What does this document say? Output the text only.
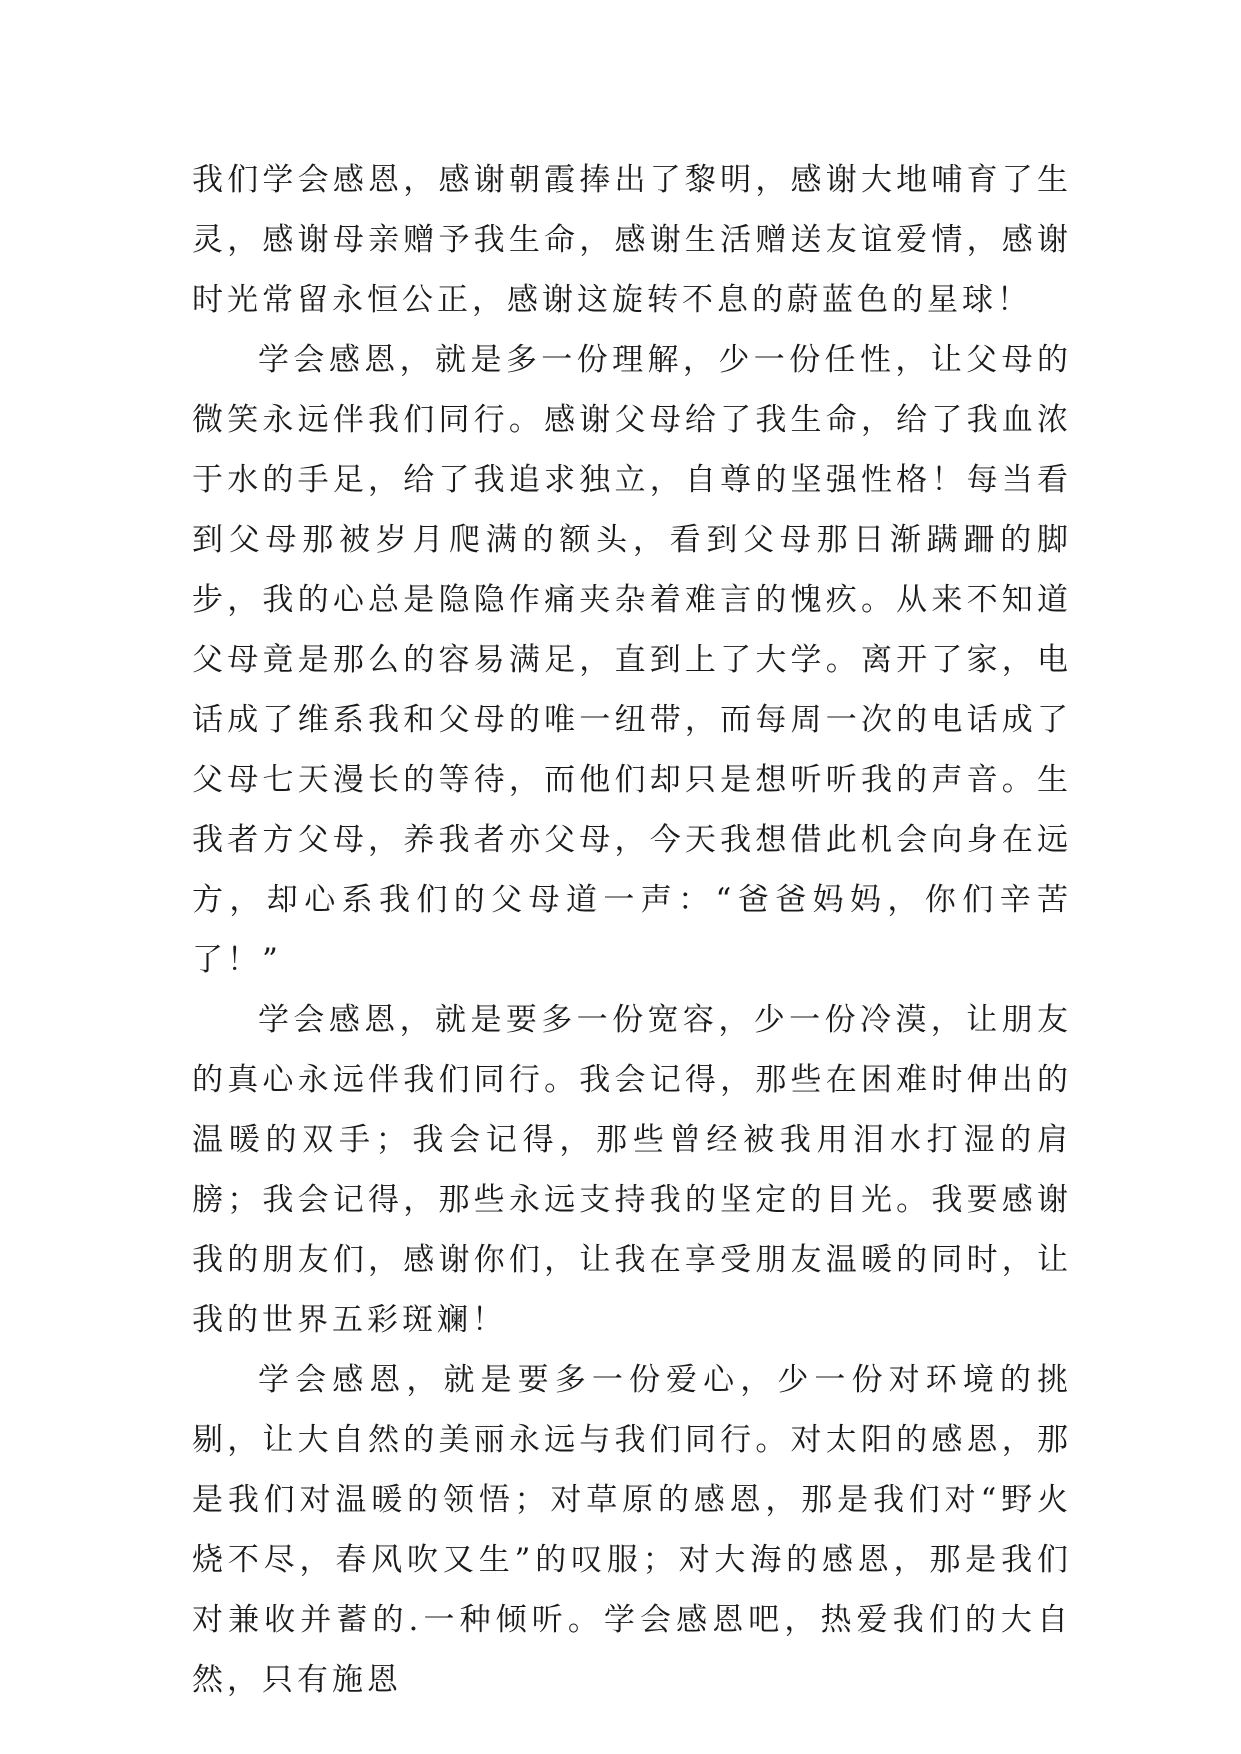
我们学会感恩，感谢朝霞捧出了黎明，感谢大地哺育了生灵，感谢母亲赠予我生命，感谢生活赠送友谊爱情，感谢时光常留永恒公正，感谢这旋转不息的蔚蓝色的星球！

学会感恩，就是多一份理解，少一份任性，让父母的微笑永远伴我们同行。感谢父母给了我生命，给了我血浓于水的手足，给了我追求独立，自尊的坚强性格！每当看到父母那被岁月爬满的额头，看到父母那日渐蹒跚的脚步，我的心总是隐隐作痛夹杂着难言的愧疚。从来不知道父母竟是那么的容易满足，直到上了大学。离开了家，电话成了维系我和父母的唯一纽带，而每周一次的电话成了父母七天漫长的等待，而他们却只是想听听我的声音。生我者方父母，养我者亦父母，今天我想借此机会向身在远方，却心系我们的父母道一声：“爸爸妈妈，你们辛苦了！”

学会感恩，就是要多一份宽容，少一份冷漠，让朋友的真心永远伴我们同行。我会记得，那些在困难时伸出的温暖的双手；我会记得，那些曾经被我用泪水打湿的肩膀；我会记得，那些永远支持我的坚定的目光。我要感谢我的朋友们，感谢你们，让我在享受朋友温暖的同时，让我的世界五彩斑斓！

学会感恩，就是要多一份爱心，少一份对环境的挑剔，让大自然的美丽永远与我们同行。对太阳的感恩，那是我们对温暖的领悟；对草原的感恩，那是我们对“野火烧不尽，春风吹又生”的叹服；对大海的感恩，那是我们对兼收并蓄的.一种倾听。学会感恩吧，热爱我们的大自然，只有施恩
